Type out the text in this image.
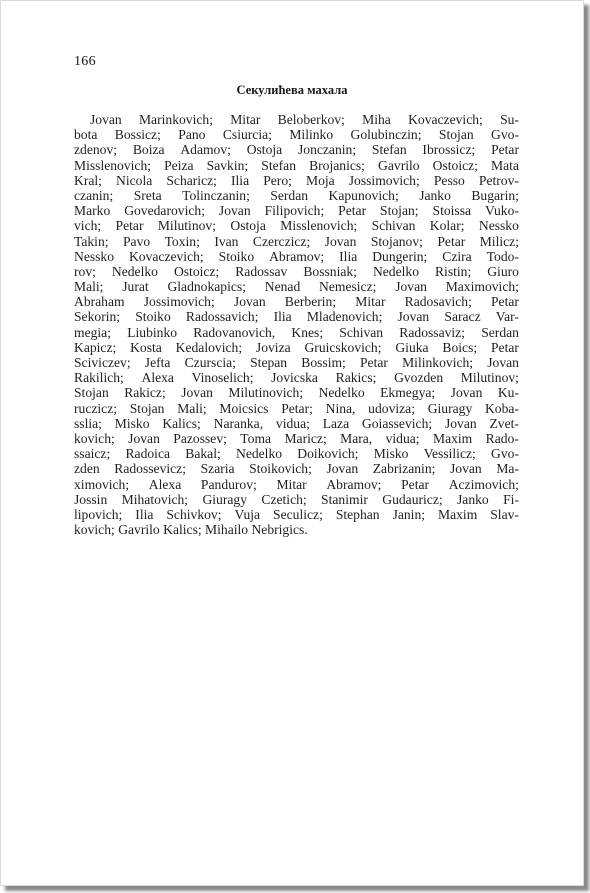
166
Секулићева махала
Jovan Marinkovich; Mitar Beloberkov; Miha Kovaczevich; Su-
bota Bossicz; Pano Csiurcia; Milinko Golubinczin; Stojan Gvo-
zdenov; Boiza Adamov; Ostoja Jonczanin; Stefan Ibrossicz; Petar
Misslenovich; Peiza Savkin; Stefan Brojanics; Gavrilo Ostoicz; Mata
Kral; Nicola Scharicz; Ilia Pero; Moja Jossimovich; Pesso Petrov-
czanin; Sreta Tolinczanin; Serdan Kapunovich; Janko Bugarin;
Marko Govedarovich; Jovan Filipovich; Petar Stojan; Stoissa Vuko-
vich; Petar Milutinov; Ostoja Misslenovich; Schivan Kolar; Nessko
Takin; Pavo Toxin; Ivan Czerczicz; Jovan Stojanov; Petar Milicz;
Nessko Kovaczevich; Stoiko Abramov; Ilia Dungerin; Czira Todo-
rov; Nedelko Ostoicz; Radossav Bossniak; Nedelko Ristin; Giuro
Mali; Jurat Gladnokapics; Nenad Nemesicz; Jovan Maximovich;
Abraham Jossimovich; Jovan Berberin; Mitar Radosavich; Petar
Sekorin; Stoiko Radossavich; Ilia Mladenovich; Jovan Saracz Var-
megia; Liubinko Radovanovich, Knes; Schivan Radossaviz; Serdan
Kapicz; Kosta Kedalovich; Joviza Gruicskovich; Giuka Boics; Petar
Sciviczev; Jefta Czurscia; Stepan Bossim; Petar Milinkovich; Jovan
Rakilich; Alexa Vinoselich; Jovicska Rakics; Gvozden Milutinov;
Stojan Rakicz; Jovan Milutinovich; Nedelko Ekmegya; Jovan Ku-
ruczicz; Stojan Mali; Moicsics Petar; Nina, udoviza; Giuragy Koba-
sslia; Misko Kalics; Naranka, vidua; Laza Goiassevich; Jovan Zvet-
kovich; Jovan Pazossev; Toma Maricz; Mara, vidua; Maxim Rado-
ssaicz; Radoica Bakal; Nedelko Doikovich; Misko Vessilicz; Gvo-
zden Radossevicz; Szaria Stoikovich; Jovan Zabrizanin; Jovan Ma-
ximovich; Alexa Pandurov; Mitar Abramov; Petar Aczimovich;
Jossin Mihatovich; Giuragy Czetich; Stanimir Gudauricz; Janko Fi-
lipovich; Ilia Schivkov; Vuja Seculicz; Stephan Janin; Maxim Slav-
kovich; Gavrilo Kalics; Mihailo Nebrigics.
